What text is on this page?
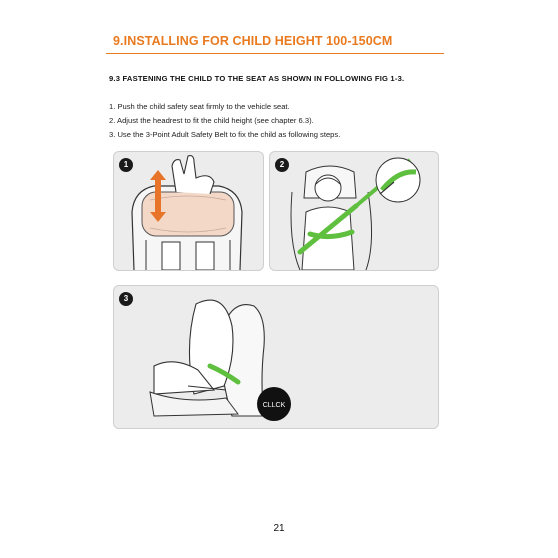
9.INSTALLING FOR CHILD HEIGHT 100-150CM
9.3 FASTENING THE CHILD TO THE SEAT AS SHOWN IN FOLLOWING FIG 1-3.
1. Push the child safety seat firmly to the vehicle seat.
2. Adjust the headrest to fit the child height (see chapter 6.3).
3. Use the 3-Point Adult Safety Belt to fix the child as following steps.
1	2
CLLCK
3
21
